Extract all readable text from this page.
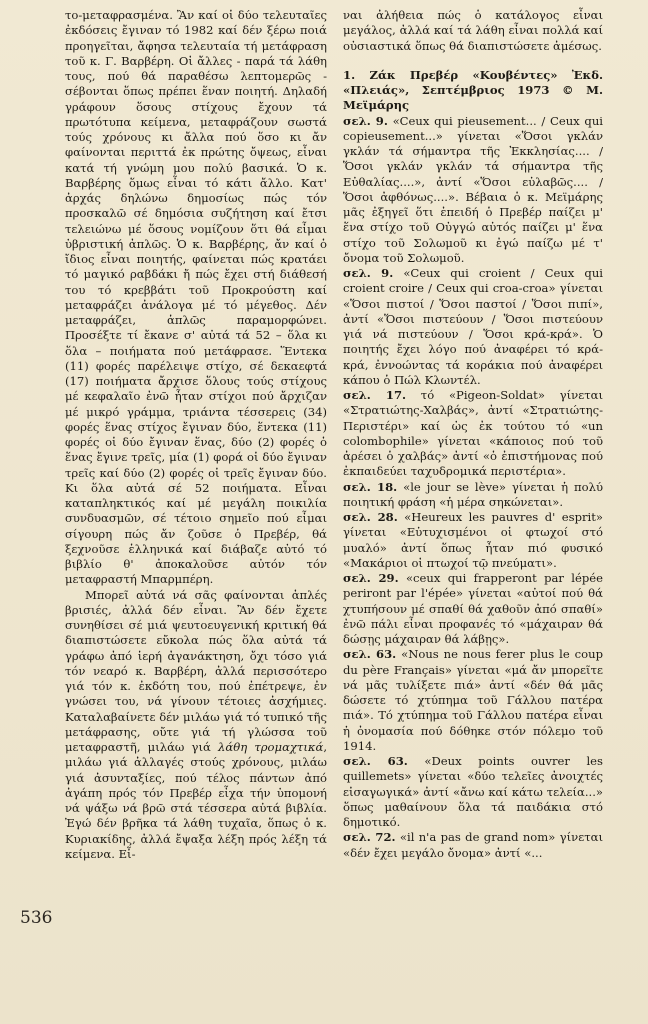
το-μεταφρασμένα. Ἂν καί οἱ δύο τελευταῖες ἐκδόσεις ἔγιναν τό 1982 καί δέν ξέρω ποιά προηγεῖται, ἄφησα τελευταία τή μετάφραση τοῦ κ. Γ. Βαρβέρη. Οἱ ἄλλες - παρά τά λάθη τους, πού θά παραθέσω λεπτομερῶς - σέβονται ὅπως πρέπει ἕναν ποιητή. Δηλαδή γράφουν ὅσους στίχους ἔχουν τά πρωτότυπα κείμενα, μεταφράζουν σωστά τούς χρόνους κι ἄλλα πού ὅσο κι ἄν φαίνονται περιττά ἐκ πρώτης ὄψεως, εἶναι κατά τή γνώμη μου πολύ βασικά. Ὁ κ. Βαρβέρης ὅμως εἶναι τό κάτι ἄλλο. Κατ' ἀρχάς δηλώνω δημοσίως πώς τόν προσκαλῶ σέ δημόσια συζήτηση καί ἔτσι τελειώνω μέ ὅσους νομίζουν ὅτι θά εἶμαι ὑβριστική ἀπλῶς. Ὁ κ. Βαρβέρης, ἄν καί ὁ ἴδιος εἶναι ποιητής, φαίνεται πώς κρατάει τό μαγικό ραβδάκι ἤ πώς ἔχει στή διάθεσή του τό κρεββάτι τοῦ Προκρούστη καί μεταφράζει ἀνάλογα μέ τό μέγεθος. Δέν μεταφράζει, ἁπλῶς παραμορφώνει. Προσέξτε τί ἔκανε σ' αὐτά τά 52 – ὅλα κι ὅλα – ποιήματα πού μετάφρασε. Ἕντεκα (11) φορές παρέλειψε στίχο, σέ δεκαεφτά (17) ποιήματα ἄρχισε ὅλους τούς στίχους μέ κεφαλαῖο ἐνῶ ἦταν στίχοι πού ἄρχιζαν μέ μικρό γράμμα, τριάντα τέσσερεις (34) φορές ἕνας στίχος ἔγιναν δύο, ἕντεκα (11) φορές οἱ δύο ἔγιναν ἕνας, δύο (2) φορές ὁ ἕνας ἔγινε τρεῖς, μία (1) φορά οἱ δύο ἔγιναν τρεῖς καί δύο (2) φορές οἱ τρεῖς ἔγιναν δύο. Κι ὅλα αὐτά σέ 52 ποιήματα. Εἶναι καταπληκτικός καί μέ μεγάλη ποικιλία συνδυασμῶν, σέ τέτοιο σημεῖο πού εἶμαι σίγουρη πώς ἄν ζοῦσε ὁ Πρεβέρ, θά ξεχνοῦσε ἑλληνικά καί διάβαζε αὐτό τό βιβλίο θ' ἀποκαλοῦσε αὐτόν τόν μεταφραστή Μπαρμπέρη.

Μπορεῖ αὐτά νά σᾶς φαίνονται ἁπλές βρισιές, ἀλλά δέν εἶναι. Ἂν δέν ἔχετε συνηθίσει σέ μιά ψευτοευγενική κριτική θά διαπιστώσετε εὔκολα πώς ὅλα αὐτά τά γράφω ἀπό ἱερή ἀγανάκτηση, ὄχι τόσο γιά τόν νεαρό κ. Βαρβέρη, ἀλλά περισσότερο γιά τόν κ. ἐκδότη του, πού ἐπέτρεψε, ἐν γνώσει του, νά γίνουν τέτοιες ἀσχήμιες. Καταλαβαίνετε δέν μιλάω γιά τό τυπικό τῆς μετάφρασης, οὔτε γιά τή γλώσσα τοῦ μεταφραστῆ, μιλάω γιά λάθη τρομαχτικά, μιλάω γιά ἀλλαγές στούς χρόνους, μιλάω γιά ἀσυνταξίες, πού τέλος πάντων ἀπό ἀγάπη πρός τόν Πρεβέρ εἶχα τήν ὑπομονή νά ψάξω νά βρῶ στά τέσσερα αὐτά βιβλία. Ἐγώ δέν βρῆκα τά λάθη τυχαῖα, ὅπως ὁ κ. Κυριακίδης, ἀλλά ἔψαξα λέξη πρός λέξη τά κείμενα. Εἶ-

ναι ἀλήθεια πώς ὁ κατάλογος εἶναι μεγάλος, ἀλλά καί τά λάθη εἶναι πολλά καί οὐσιαστικά ὅπως θά διαπιστώσετε ἀμέσως.

1. Ζάκ Πρεβέρ «Κουβέντες» Ἐκδ. «Πλειάς», Σεπτέμβριος 1973 © Μ. Μεϊμάρης

σελ. 9. «Ceux qui pieusement... / Ceux qui copieusement...» γίνεται «Ὅσοι γκλάν γκλάν τά σήμαντρα τῆς Ἐκκλησίας.... / Ὅσοι γκλάν γκλάν τά σήμαντρα τῆς Εὐθαλίας....», ἀντί «Ὅσοι εὐλαβῶς.... / Ὅσοι ἀφθόνως....». Βέβαια ὁ κ. Μεϊμάρης μᾶς ἐξηγεῖ ὅτι ἐπειδή ὁ Πρεβέρ παίζει μ' ἕνα στίχο τοῦ Οὐγγώ αὐτός παίζει μ' ἕνα στίχο τοῦ Σολωμοῦ κι ἐγώ παίζω μέ τ' ὄνομα τοῦ Σολωμοῦ.

σελ. 9. «Ceux qui croient / Ceux qui croient croire / Ceux qui croa-croa» γίνεται «Ὅσοι πιστοί / Ὅσοι παστοί / Ὅσοι πιπί», ἀντί «Ὅσοι πιστεύουν / Ὅσοι πιστεύουν γιά νά πιστεύουν / Ὅσοι κρά-κρά». Ὁ ποιητής ἔχει λόγο πού ἀναφέρει τό κρά-κρά, ἐννοώντας τά κοράκια πού ἀναφέρει κάπου ὁ Πώλ Κλωντέλ.

σελ. 17. τό «Pigeon-Soldat» γίνεται «Στρατιώτης-Χαλβάς», ἀντί «Στρατιώτης-Περιστέρι» καί ὡς ἐκ τούτου τό «un colombophile» γίνεται «κάποιος πού τοῦ ἀρέσει ὁ χαλβάς» ἀντί «ὁ ἐπιστήμονας πού ἐκπαιδεύει ταχυδρομικά περιστέρια».

σελ. 18. «le jour se lève» γίνεται ἡ πολύ ποιητική φράση «ἡ μέρα σηκώνεται».

σελ. 28. «Heureux les pauvres d' esprit» γίνεται «Εὐτυχισμένοι οἱ φτωχοί στό μυαλό» ἀντί ὅπως ἦταν πιό φυσικό «Μακάριοι οἱ πτωχοί τῷ πνεύματι».

σελ. 29. «ceux qui frapperont par lépée periront par l'épée» γίνεται «αὐτοί πού θά χτυπήσουν μέ σπαθί θά χαθοῦν ἀπό σπαθί» ἐνῶ πάλι εἶναι προφανές τό «μάχαιραν θά δώσῃς μάχαιραν θά λάβῃς».

σελ. 63. «Nous ne nous ferer plus le coup du père Français» γίνεται «μά ἄν μπορεῖτε νά μᾶς τυλίξετε πιά» ἀντί «δέν θά μᾶς δώσετε τό χτύπημα τοῦ Γάλλου πατέρα πιά». Τό χτύπημα τοῦ Γάλλου πατέρα εἶναι ἡ ὀνομασία πού δόθηκε στόν πόλεμο τοῦ 1914.

σελ. 63. «Deux points ouvrer les quillemets» γίνεται «δύο τελεῖες ἀνοιχτές εἰσαγωγικά» ἀντί «ἄνω καί κάτω τελεία...» ὅπως μαθαίνουν ὅλα τά παιδάκια στό δημοτικό.

σελ. 72. «il n'a pas de grand nom» γίνεται «δέν ἔχει μεγάλο ὄνομα» ἀντί «...

536
